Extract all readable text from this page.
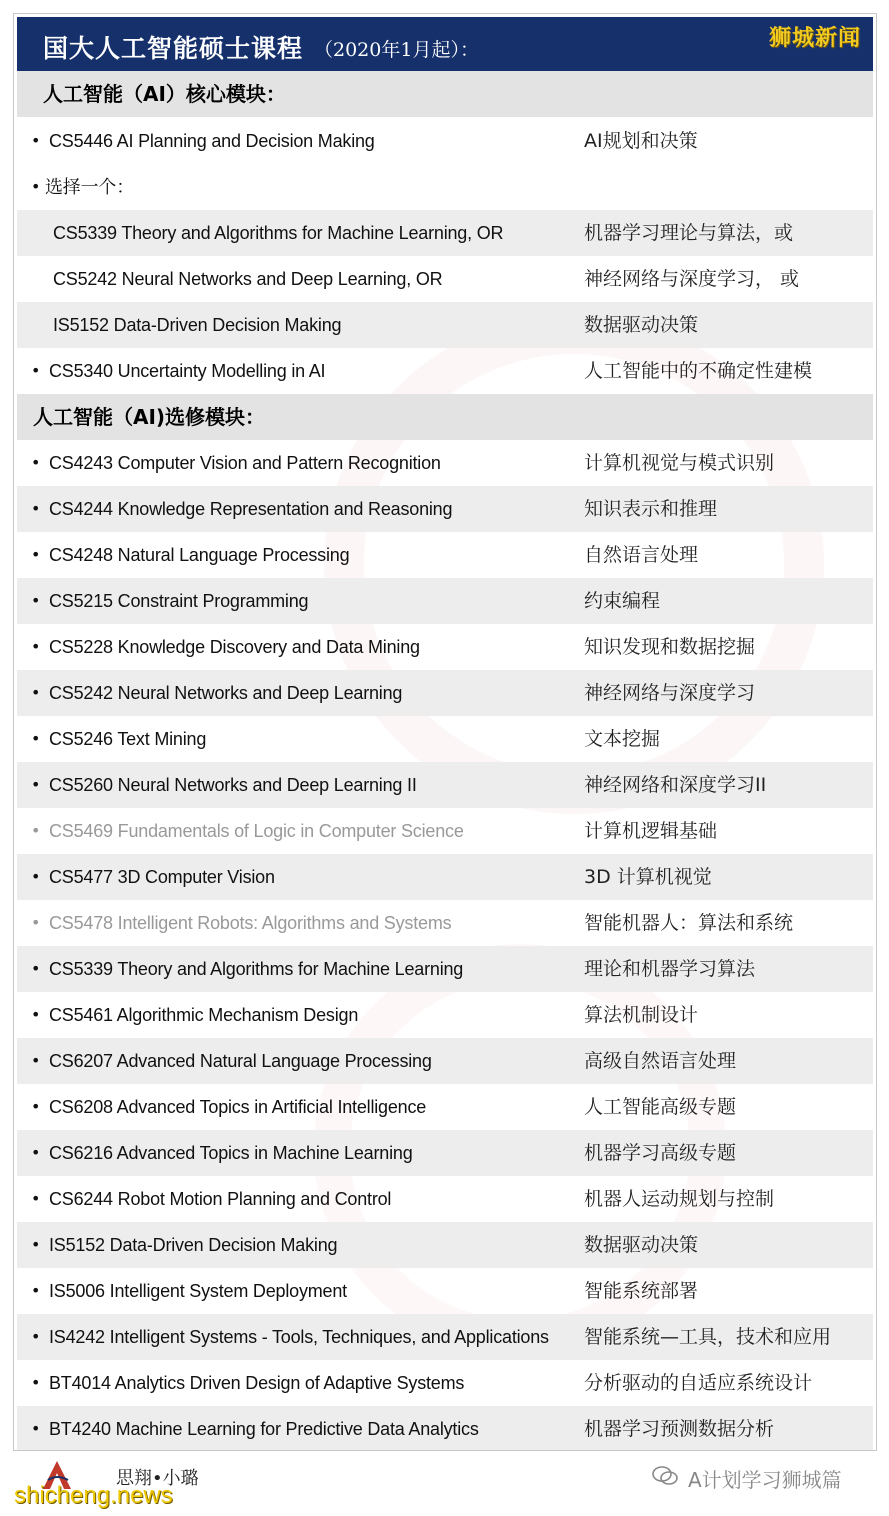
国大人工智能硕士课程 （2020年1月起）：	狮城新闻
人工智能（AI）核心模块：
• CS5446 AI Planning and Decision Making	AI规划和决策
• 选择一个：
CS5339 Theory and Algorithms for Machine Learning, OR	机器学习理论与算法，或
CS5242 Neural Networks and Deep Learning, OR	神经网络与深度学习， 或
IS5152 Data-Driven Decision Making	数据驱动决策
• CS5340 Uncertainty Modelling in AI	人工智能中的不确定性建模
人工智能（AI)选修模块：
• CS4243 Computer Vision and Pattern Recognition	计算机视觉与模式识别
• CS4244 Knowledge Representation and Reasoning	知识表示和推理
• CS4248 Natural Language Processing	自然语言处理
• CS5215 Constraint Programming	约束编程
• CS5228 Knowledge Discovery and Data Mining	知识发现和数据挖掘
• CS5242 Neural Networks and Deep Learning	神经网络与深度学习
• CS5246 Text Mining	文本挖掘
• CS5260 Neural Networks and Deep Learning II	神经网络和深度学习II
• CS5469 Fundamentals of Logic in Computer Science	计算机逻辑基础
• CS5477 3D Computer Vision	3D 计算机视觉
• CS5478 Intelligent Robots: Algorithms and Systems	智能机器人：算法和系统
• CS5339 Theory and Algorithms for Machine Learning	理论和机器学习算法
• CS5461 Algorithmic Mechanism Design	算法机制设计
• CS6207 Advanced Natural Language Processing	高级自然语言处理
• CS6208 Advanced Topics in Artificial Intelligence	人工智能高级专题
• CS6216 Advanced Topics in Machine Learning	机器学习高级专题
• CS6244 Robot Motion Planning and Control	机器人运动规划与控制
• IS5152 Data-Driven Decision Making	数据驱动决策
• IS5006 Intelligent System Deployment	智能系统部署
• IS4242 Intelligent Systems - Tools, Techniques, and Applications 智能系统—工具，技术和应用
• BT4014 Analytics Driven Design of Adaptive Systems	分析驱动的自适应系统设计
• BT4240 Machine Learning for Predictive Data Analytics	机器学习预测数据分析
思翔•小璐
shicheng.news
A计划学习狮城篇
